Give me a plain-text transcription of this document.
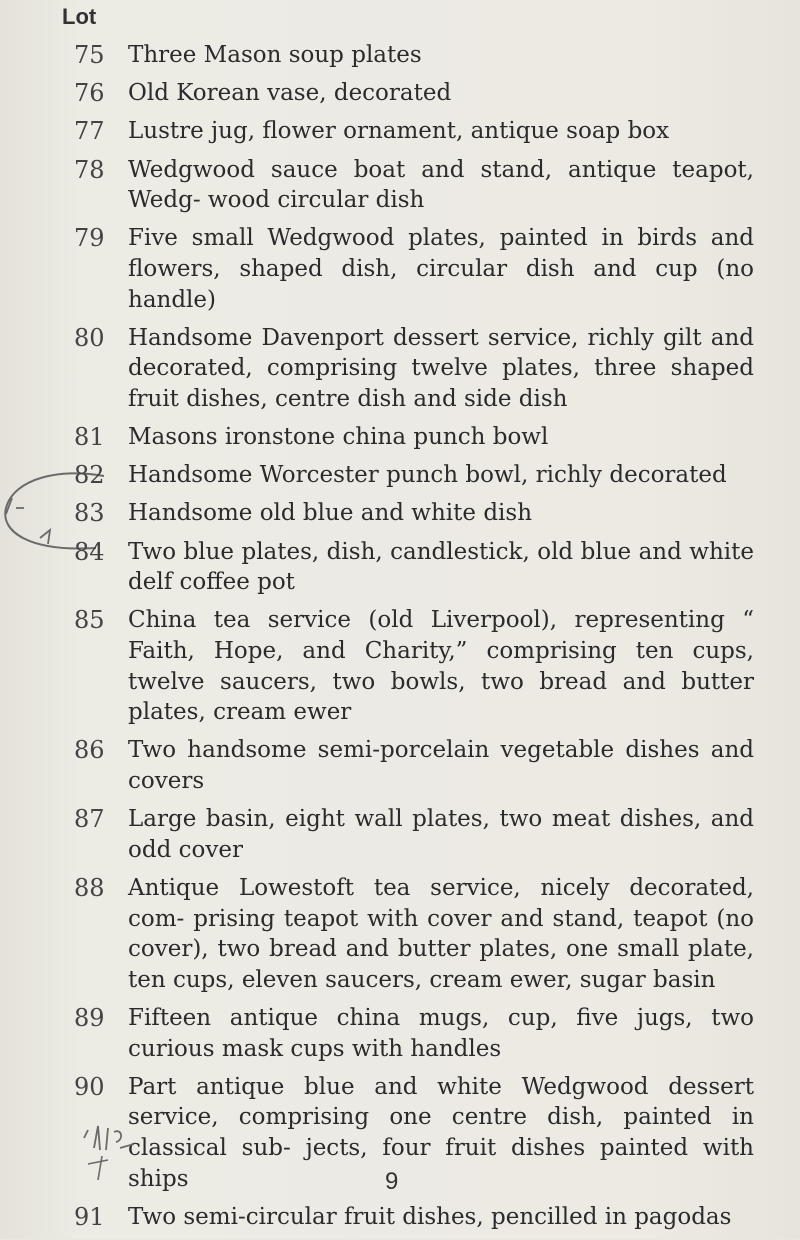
Lot
75	Three Mason soup plates
76	Old Korean vase, decorated
77	Lustre jug, flower ornament, antique soap box
78	Wedgwood sauce boat and stand, antique teapot, Wedg- wood circular dish
79	Five small Wedgwood plates, painted in birds and flowers, shaped dish, circular dish and cup (no handle)
80	Handsome Davenport dessert service, richly gilt and decorated, comprising twelve plates, three shaped fruit dishes, centre dish and side dish
81	Masons ironstone china punch bowl
82	Handsome Worcester punch bowl, richly decorated
83	Handsome old blue and white dish
84	Two blue plates, dish, candlestick, old blue and white delf coffee pot
85	China tea service (old Liverpool), representing “ Faith, Hope, and Charity,” comprising ten cups, twelve saucers, two bowls, two bread and butter plates, cream ewer
86	Two handsome semi-porcelain vegetable dishes and covers
87	Large basin, eight wall plates, two meat dishes, and odd cover
88	Antique Lowestoft tea service, nicely decorated, com- prising teapot with cover and stand, teapot (no cover), two bread and butter plates, one small plate, ten cups, eleven saucers, cream ewer, sugar basin
89	Fifteen antique china mugs, cup, five jugs, two curious mask cups with handles
90	Part antique blue and white Wedgwood dessert service, comprising one centre dish, painted in classical sub- jects, four fruit dishes painted with ships
91	Two semi-circular fruit dishes, pencilled in pagodas
9
